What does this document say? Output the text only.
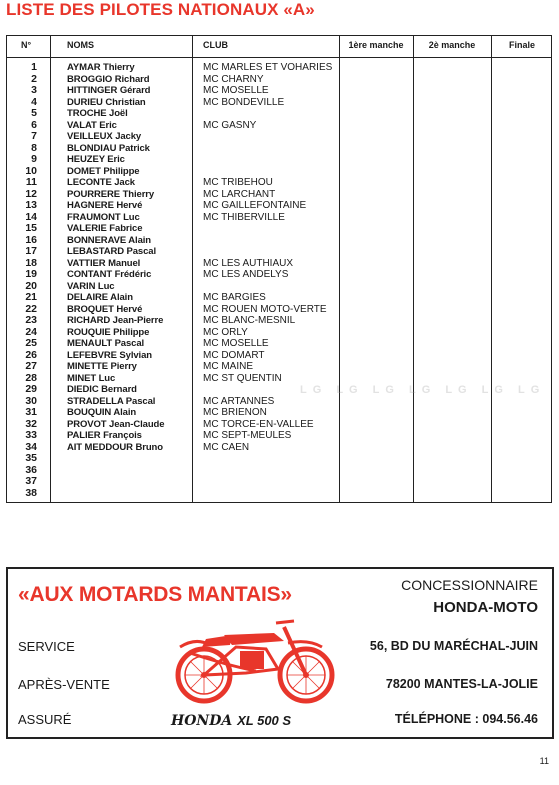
LISTE DES PILOTES NATIONAUX «A»
N°	NOMS	CLUB	1ère manche	2è manche	Finale
1	AYMAR Thierry	MC MARLES ET VOHARIES
2	BROGGIO Richard	MC CHARNY
3	HITTINGER Gérard	MC MOSELLE
4	DURIEU Christian	MC BONDEVILLE
5	TROCHE Joël
6	VALAT Eric	MC GASNY
7	VEILLEUX Jacky
8	BLONDIAU Patrick
9	HEUZEY Eric
10	DOMET Philippe
11	LECONTE Jack	MC TRIBEHOU
12	POURRERE Thierry	MC LARCHANT
13	HAGNERE Hervé	MC GAILLEFONTAINE
14	FRAUMONT Luc	MC THIBERVILLE
15	VALERIE Fabrice
16	BONNERAVE Alain
17	LEBASTARD Pascal
18	VATTIER Manuel	MC LES AUTHIAUX
19	CONTANT Frédéric	MC LES ANDELYS
20	VARIN Luc
21	DELAIRE Alain	MC BARGIES
22	BROQUET Hervé	MC ROUEN MOTO-VERTE
23	RICHARD Jean-Pierre	MC BLANC-MESNIL
24	ROUQUIE Philippe	MC ORLY
25	MENAULT Pascal	MC MOSELLE
26	LEFEBVRE Sylvian	MC DOMART
27	MINETTE Pierry	MC MAINE
28	MINET Luc	MC ST QUENTIN
29	DIEDIC Bernard
30	STRADELLA Pascal	MC ARTANNES
31	BOUQUIN Alain	MC BRIENON
32	PROVOT Jean-Claude	MC TORCE-EN-VALLEE
33	PALIER François	MC SEPT-MEULES
34	AIT MEDDOUR Bruno	MC CAEN
35
36
37
38
LG LG LG LG LG LG LG
«AUX MOTARDS MANTAIS»	CONCESSIONNAIRE
HONDA-MOTO
SERVICE
APRÈS-VENTE
ASSURÉ
56, BD DU MARÉCHAL-JUIN
78200 MANTES-LA-JOLIE
TÉLÉPHONE : 094.56.46
HONDA XL 500 S
11
